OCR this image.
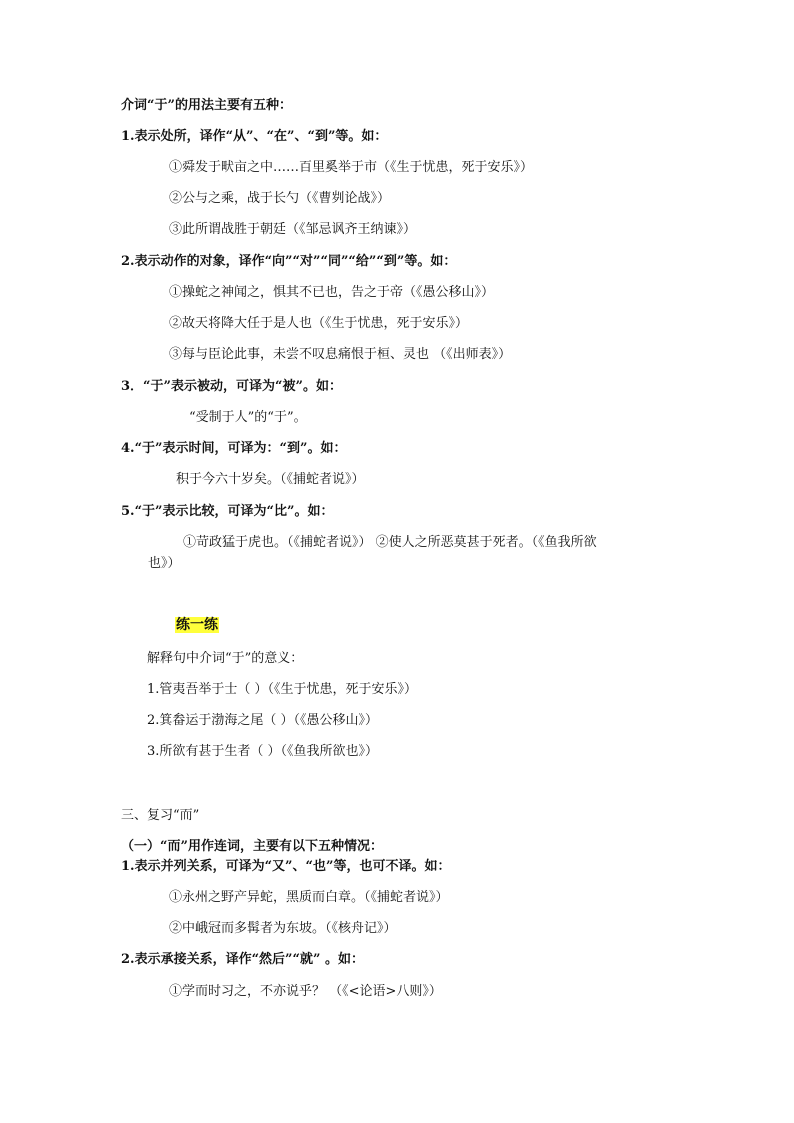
介词“于”的用法主要有五种：
1.表示处所，译作“从”、“在”、“到”等。如：
①舜发于畎亩之中……百里奚举于市（《生于忧患，死于安乐》）
②公与之乘，战于长勺（《曹刿论战》）
③此所谓战胜于朝廷（《邹忌讽齐王纳谏》）
2.表示动作的对象，译作“向”“对”“同”“给”“到”等。如：
①操蛇之神闻之，惧其不已也，告之于帝（《愚公移山》）
②故天将降大任于是人也（《生于忧患，死于安乐》）
③每与臣论此事，未尝不叹息痛恨于桓、灵也 （《出师表》）
3．“于”表示被动，可译为“被”。如：
“受制于人”的“于”。
4.“于”表示时间，可译为：“到”。如：
积于今六十岁矣。（《捕蛇者说》）
5.“于”表示比较，可译为“比”。如：
①苛政猛于虎也。（《捕蛇者说》） ②使人之所恶莫甚于死者。（《鱼我所欲
也》）
练一练
解释句中介词“于”的意义：
1.管夷吾举于士（ ）（《生于忧患，死于安乐》）
2.箕畚运于渤海之尾（ ）（《愚公移山》）
3.所欲有甚于生者（ ）（《鱼我所欲也》）
三、复习“而”
（一）“而”用作连词，主要有以下五种情况：
1.表示并列关系，可译为“又”、“也”等，也可不译。如：
①永州之野产异蛇，黑质而白章。（《捕蛇者说》）
②中峨冠而多髯者为东坡。（《核舟记》）
2.表示承接关系，译作“然后”“就” 。如：
①学而时习之，不亦说乎？ （《<论语>八则》）
